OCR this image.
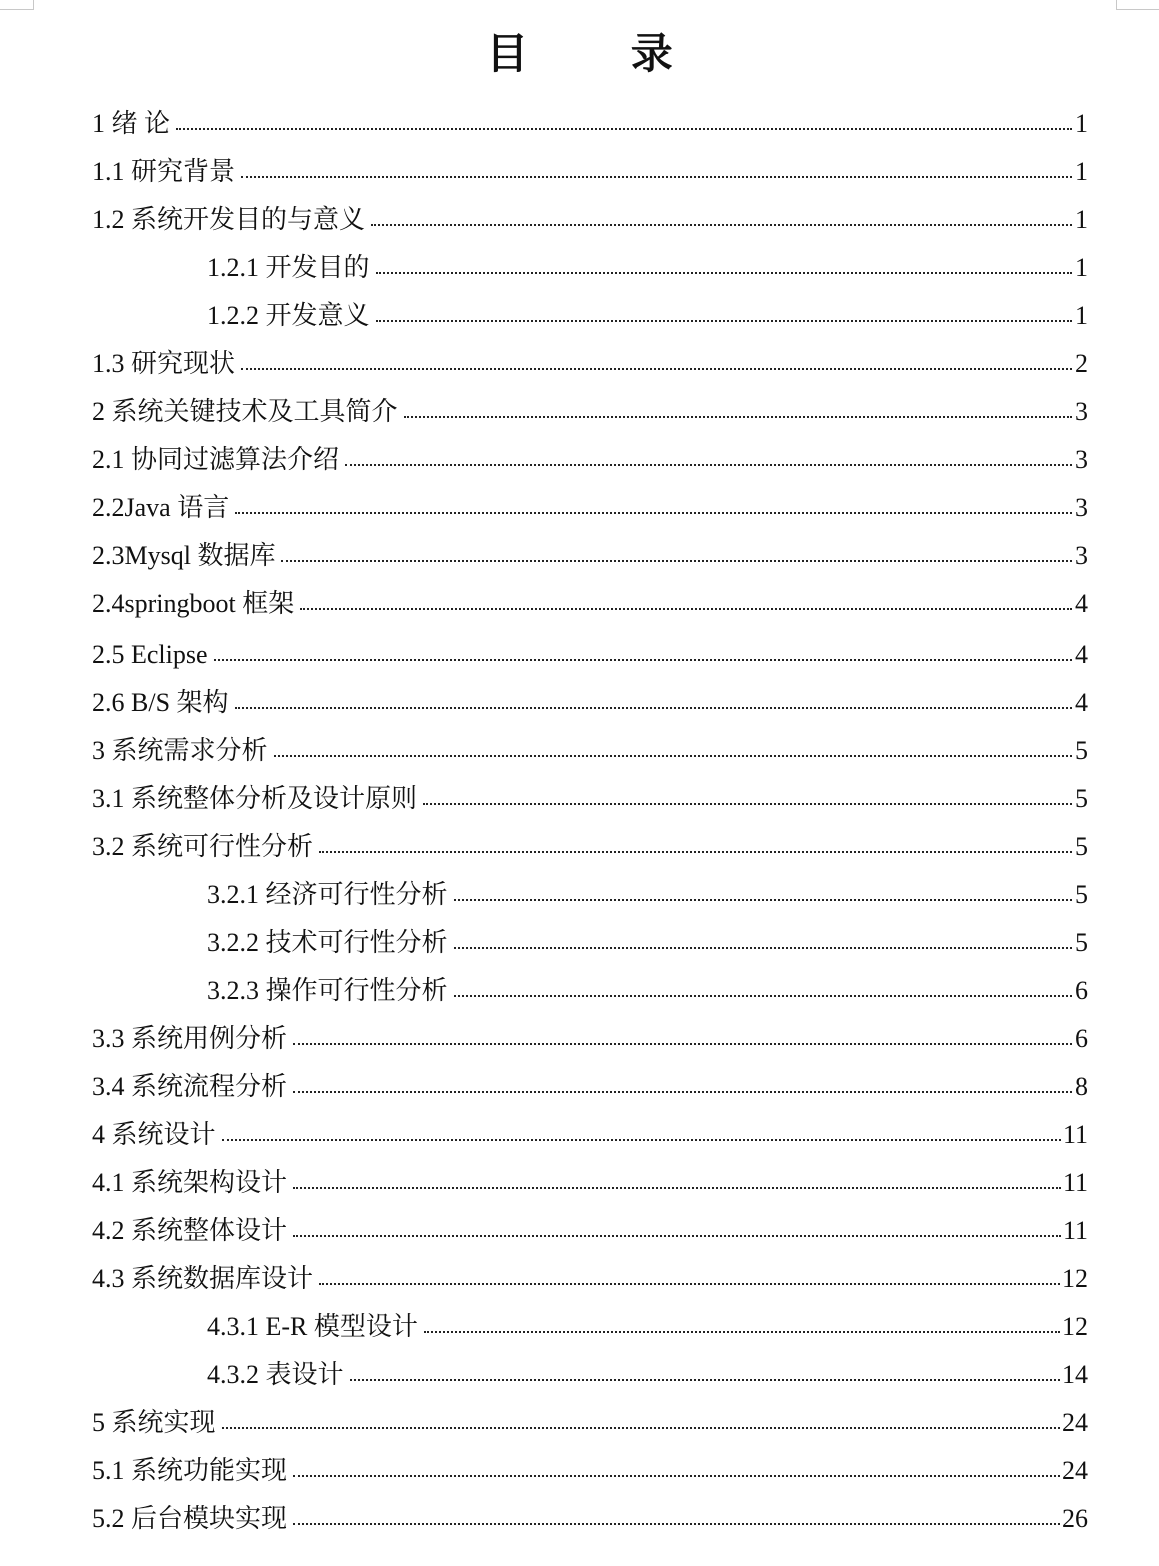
目 录
1 绪 论	1
1.1 研究背景	1
1.2 系统开发目的与意义	1
1.2.1 开发目的	1
1.2.2 开发意义	1
1.3 研究现状	2
2 系统关键技术及工具简介	3
2.1 协同过滤算法介绍	3
2.2Java 语言	3
2.3Mysql 数据库	3
2.4springboot 框架	4
2.5 Eclipse	4
2.6 B/S 架构	4
3 系统需求分析	5
3.1 系统整体分析及设计原则	5
3.2 系统可行性分析	5
3.2.1 经济可行性分析	5
3.2.2 技术可行性分析	5
3.2.3 操作可行性分析	6
3.3 系统用例分析	6
3.4 系统流程分析	8
4 系统设计	11
4.1 系统架构设计	11
4.2 系统整体设计	11
4.3 系统数据库设计	12
4.3.1 E-R 模型设计	12
4.3.2 表设计	14
5 系统实现	24
5.1 系统功能实现	24
5.2 后台模块实现	26
